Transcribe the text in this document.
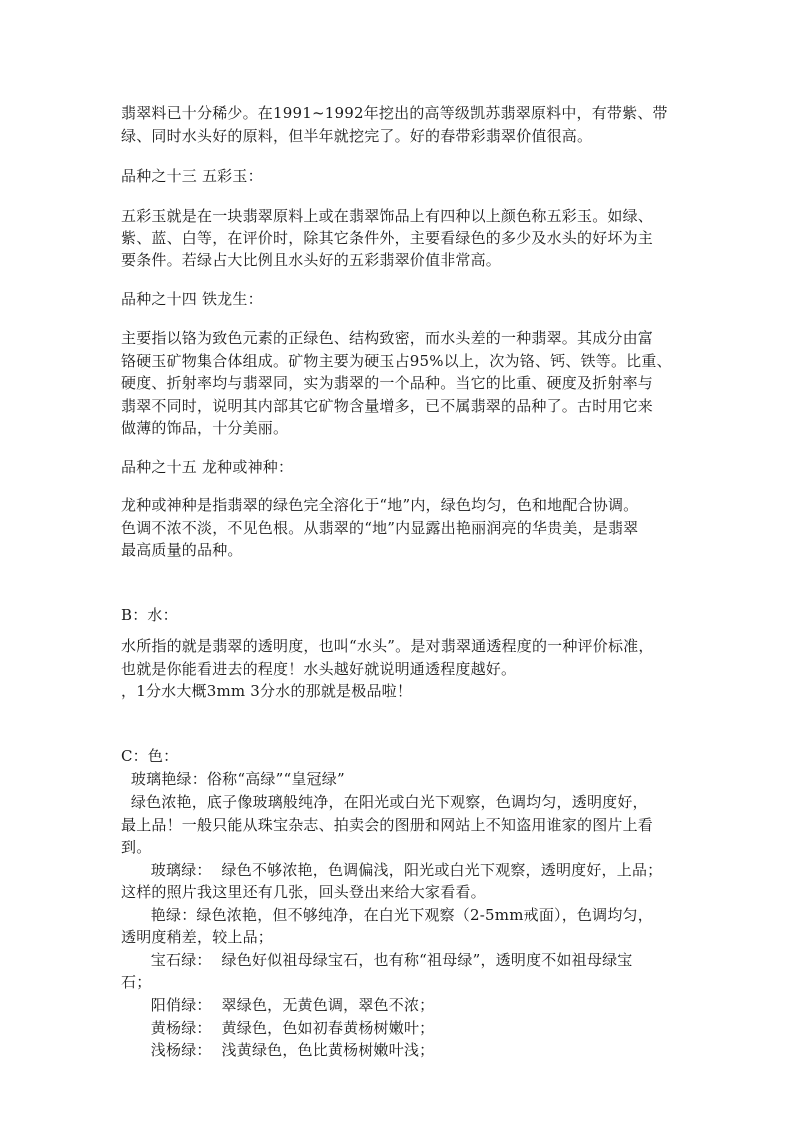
翡翠料已十分稀少。在1991~1992年挖出的高等级凯苏翡翠原料中，有带紫、带
绿、同时水头好的原料，但半年就挖完了。好的春带彩翡翠价值很高。
品种之十三 五彩玉：
五彩玉就是在一块翡翠原料上或在翡翠饰品上有四种以上颜色称五彩玉。如绿、
紫、蓝、白等，在评价时，除其它条件外，主要看绿色的多少及水头的好坏为主
要条件。若绿占大比例且水头好的五彩翡翠价值非常高。
品种之十四 铁龙生：
主要指以铬为致色元素的正绿色、结构致密，而水头差的一种翡翠。其成分由富
铬硬玉矿物集合体组成。矿物主要为硬玉占95%以上，次为铬、钙、铁等。比重、
硬度、折射率均与翡翠同，实为翡翠的一个品种。当它的比重、硬度及折射率与
翡翠不同时，说明其内部其它矿物含量增多，已不属翡翠的品种了。古时用它来
做薄的饰品，十分美丽。
品种之十五 龙种或神种：
龙种或神种是指翡翠的绿色完全溶化于“地”内，绿色均匀，色和地配合协调。
色调不浓不淡，不见色根。从翡翠的“地”内显露出艳丽润亮的华贵美，是翡翠
最高质量的品种。
B：水：
水所指的就是翡翠的透明度，也叫“水头”。是对翡翠通透程度的一种评价标准，
也就是你能看进去的程度！水头越好就说明通透程度越好。
，1分水大概3mm 3分水的那就是极品啦！
C：色：
玻璃艳绿：俗称“高绿”“皇冠绿”
绿色浓艳，底子像玻璃般纯净，在阳光或白光下观察，色调均匀，透明度好，
最上品！一般只能从珠宝杂志、拍卖会的图册和网站上不知盗用谁家的图片上看
到。
玻璃绿：  绿色不够浓艳，色调偏浅，阳光或白光下观察，透明度好，上品；
这样的照片我这里还有几张，回头登出来给大家看看。
艳绿：绿色浓艳，但不够纯净，在白光下观察（2-5mm戒面），色调均匀，
透明度稍差，较上品；
宝石绿：  绿色好似祖母绿宝石，也有称“祖母绿”，透明度不如祖母绿宝
石；
阳俏绿：  翠绿色，无黄色调，翠色不浓；
黄杨绿：  黄绿色，色如初春黄杨树嫩叶；
浅杨绿：  浅黄绿色，色比黄杨树嫩叶浅；
